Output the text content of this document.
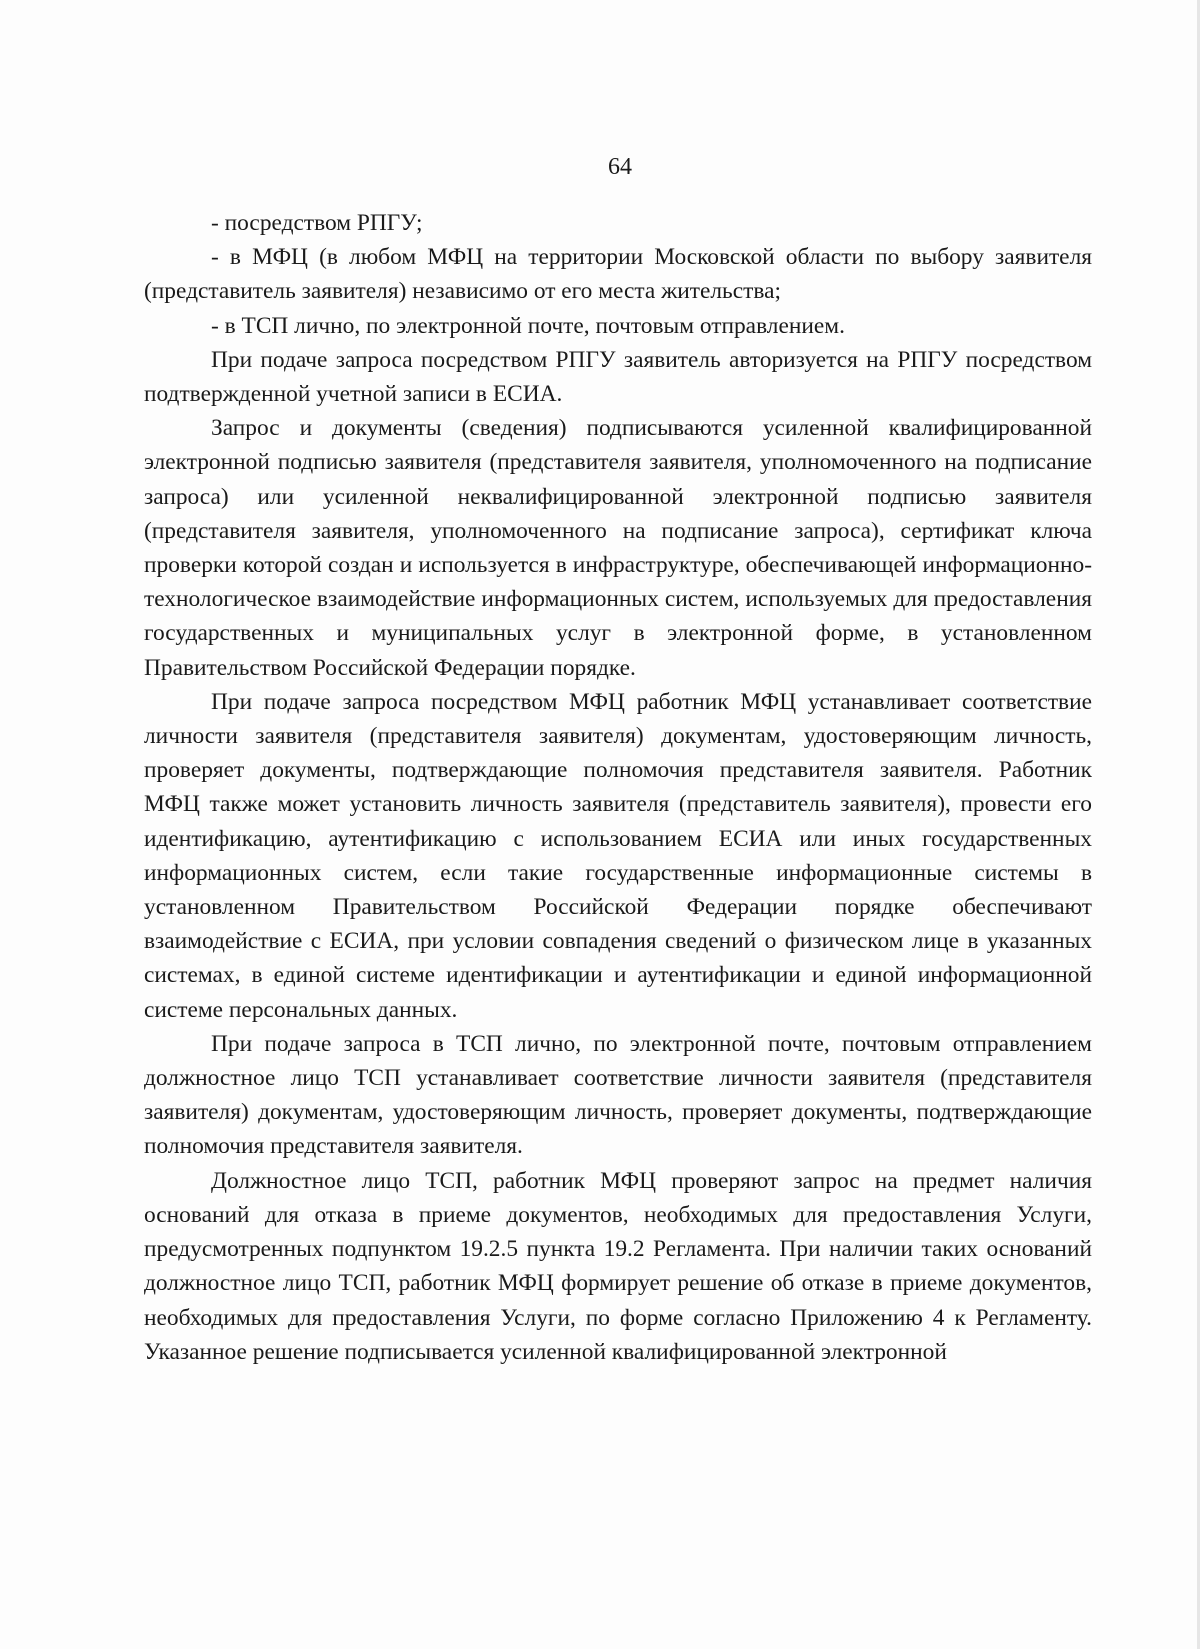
64

- посредством РПГУ;

- в МФЦ (в любом МФЦ на территории Московской области по выбору заявителя (представитель заявителя) независимо от его места жительства;

- в ТСП лично, по электронной почте, почтовым отправлением.

При подаче запроса посредством РПГУ заявитель авторизуется на РПГУ посредством подтвержденной учетной записи в ЕСИА.

Запрос и документы (сведения) подписываются усиленной квалифицированной электронной подписью заявителя (представителя заявителя, уполномоченного на подписание запроса) или усиленной неквалифицированной электронной подписью заявителя (представителя заявителя, уполномоченного на подписание запроса), сертификат ключа проверки которой создан и используется в инфраструктуре, обеспечивающей информационно-технологическое взаимодействие информационных систем, используемых для предоставления государственных и муниципальных услуг в электронной форме, в установленном Правительством Российской Федерации порядке.

При подаче запроса посредством МФЦ работник МФЦ устанавливает соответствие личности заявителя (представителя заявителя) документам, удостоверяющим личность, проверяет документы, подтверждающие полномочия представителя заявителя. Работник МФЦ также может установить личность заявителя (представитель заявителя), провести его идентификацию, аутентификацию с использованием ЕСИА или иных государственных информационных систем, если такие государственные информационные системы в установленном Правительством Российской Федерации порядке обеспечивают взаимодействие с ЕСИА, при условии совпадения сведений о физическом лице в указанных системах, в единой системе идентификации и аутентификации и единой информационной системе персональных данных.

При подаче запроса в ТСП лично, по электронной почте, почтовым отправлением должностное лицо ТСП устанавливает соответствие личности заявителя (представителя заявителя) документам, удостоверяющим личность, проверяет документы, подтверждающие полномочия представителя заявителя.

Должностное лицо ТСП, работник МФЦ проверяют запрос на предмет наличия оснований для отказа в приеме документов, необходимых для предоставления Услуги, предусмотренных подпунктом 19.2.5 пункта 19.2 Регламента. При наличии таких оснований должностное лицо ТСП, работник МФЦ формирует решение об отказе в приеме документов, необходимых для предоставления Услуги, по форме согласно Приложению 4 к Регламенту. Указанное решение подписывается усиленной квалифицированной электронной
